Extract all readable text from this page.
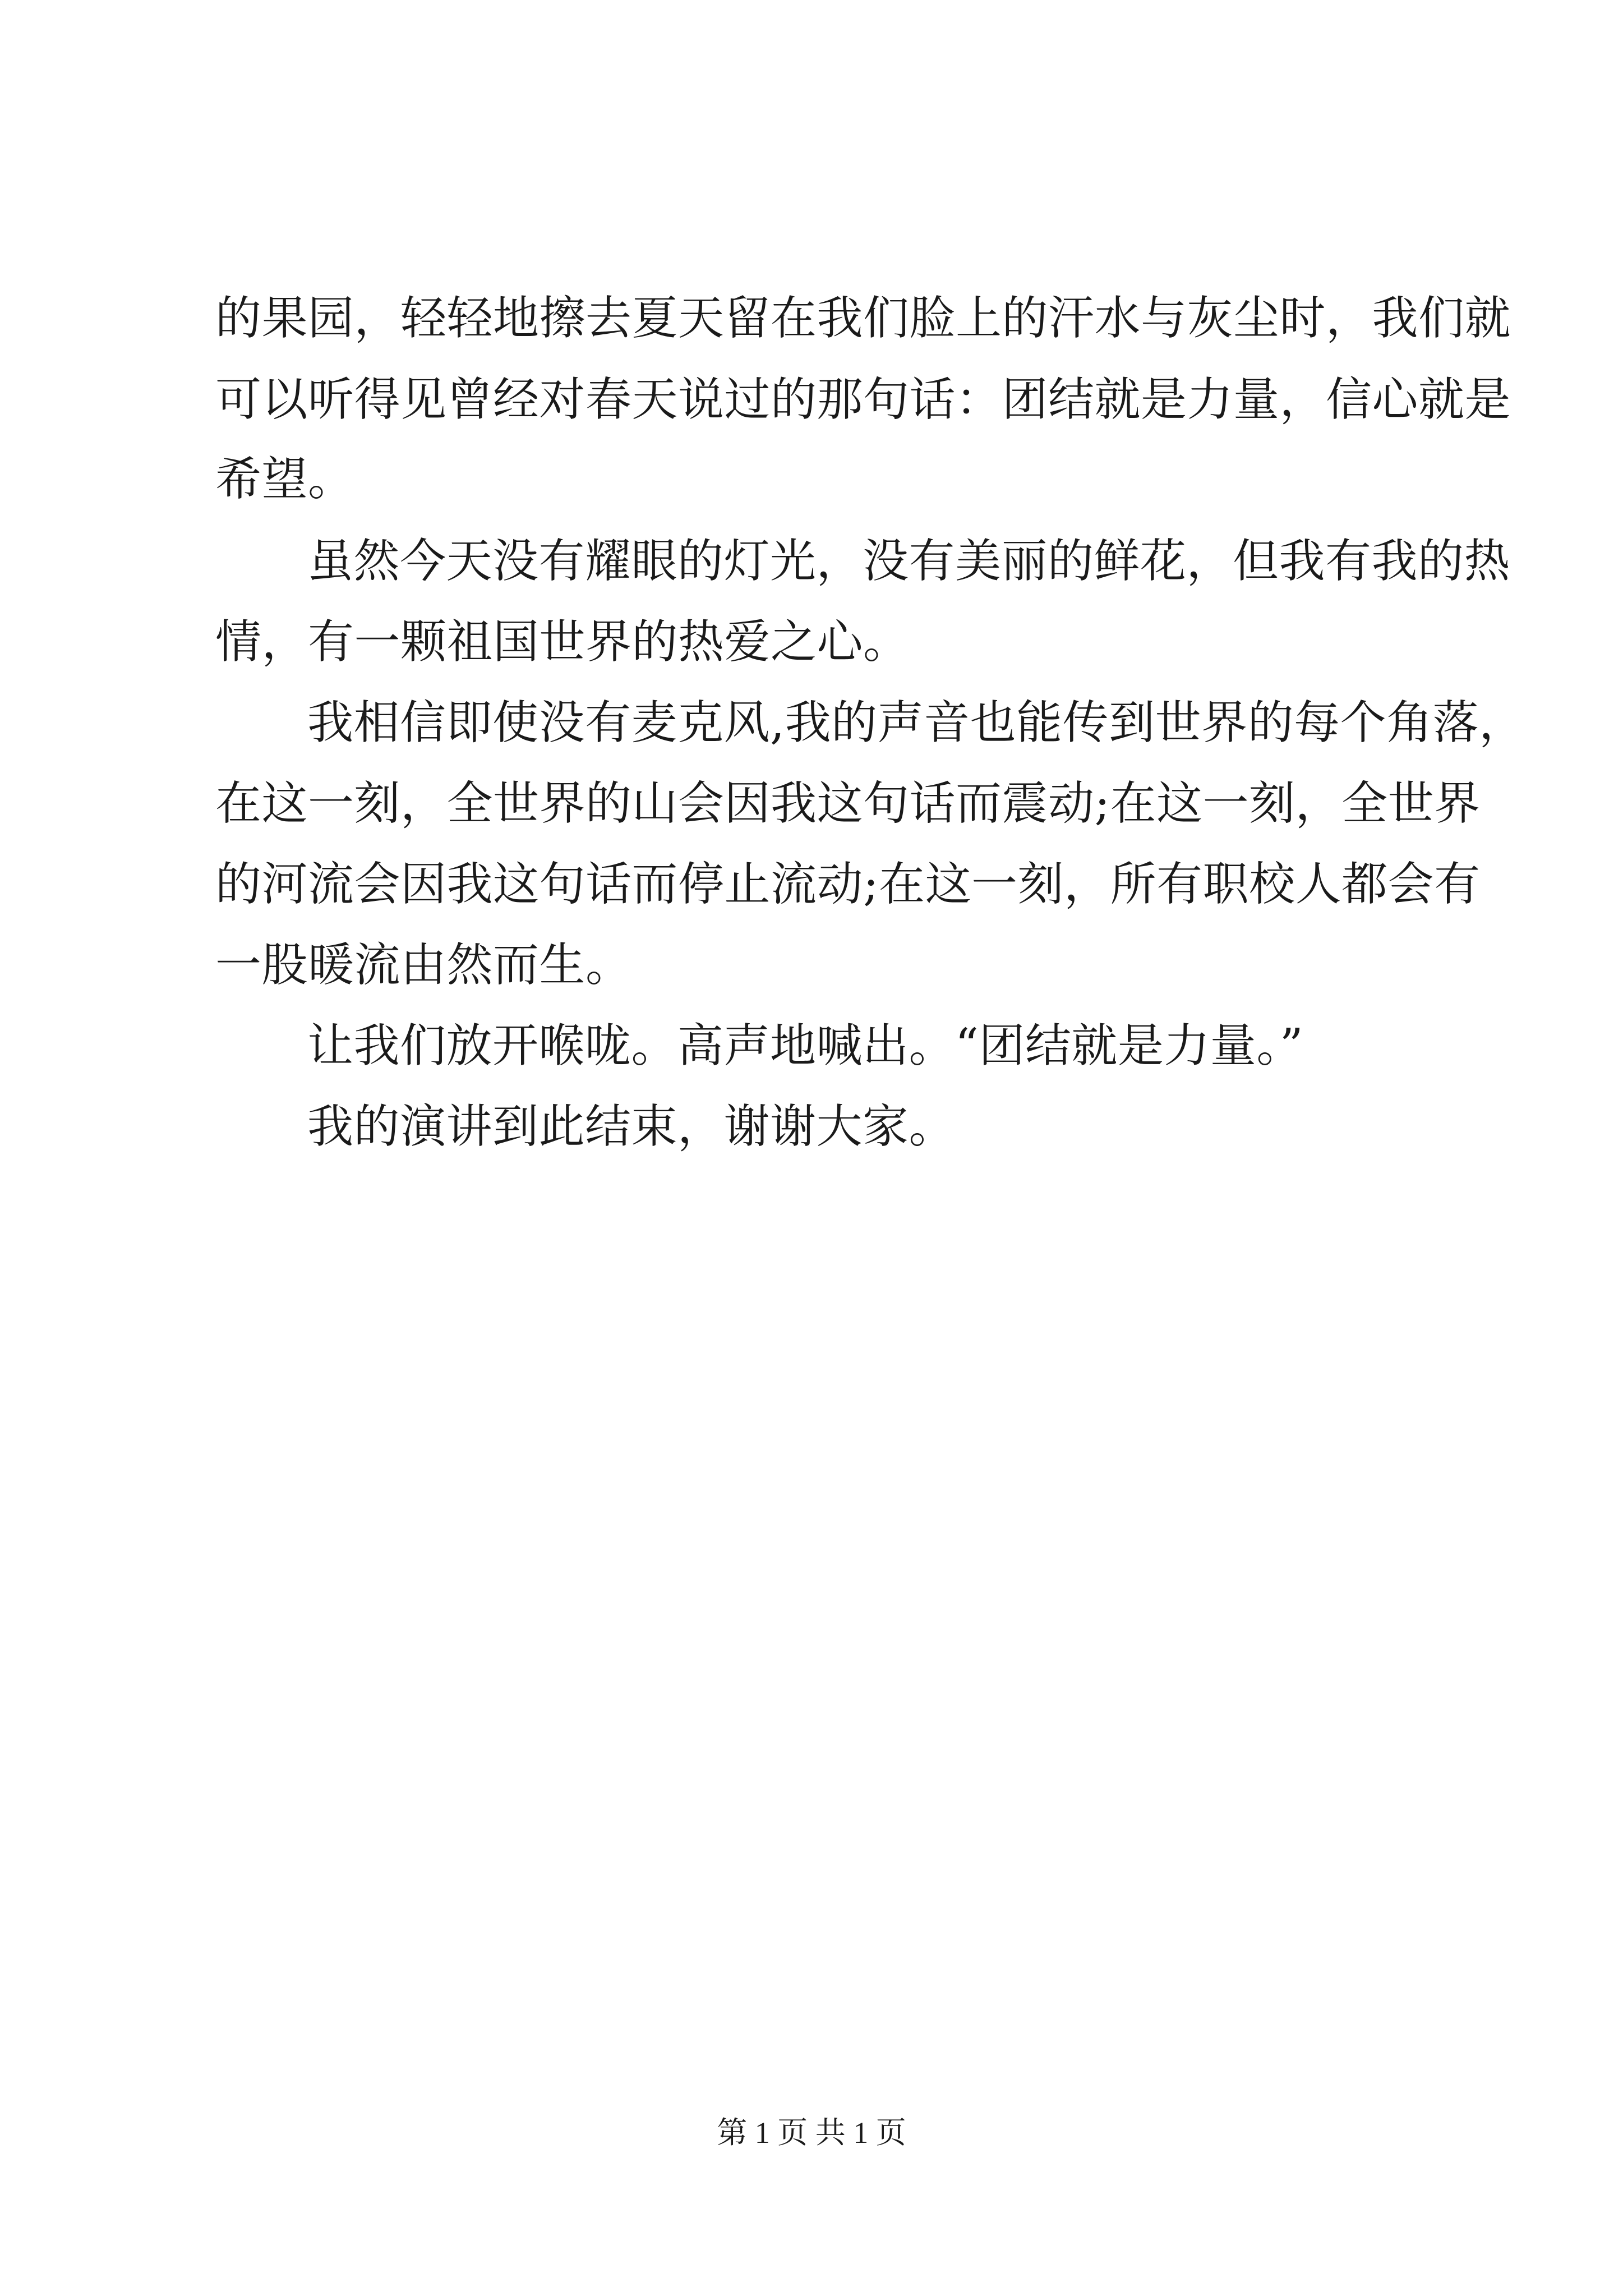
的果园，轻轻地擦去夏天留在我们脸上的汗水与灰尘时，我们就
可以听得见曾经对春天说过的那句话：团结就是力量，信心就是
希望。
虽然今天没有耀眼的灯光，没有美丽的鲜花，但我有我的热
情，有一颗祖国世界的热爱之心。
我相信即使没有麦克风,我的声音也能传到世界的每个角落，
在这一刻，全世界的山会因我这句话而震动;在这一刻，全世界
的河流会因我这句话而停止流动;在这一刻，所有职校人都会有
一股暖流由然而生。
让我们放开喉咙。高声地喊出。“团结就是力量。”
我的演讲到此结束，谢谢大家。
第 1 页 共 1 页
